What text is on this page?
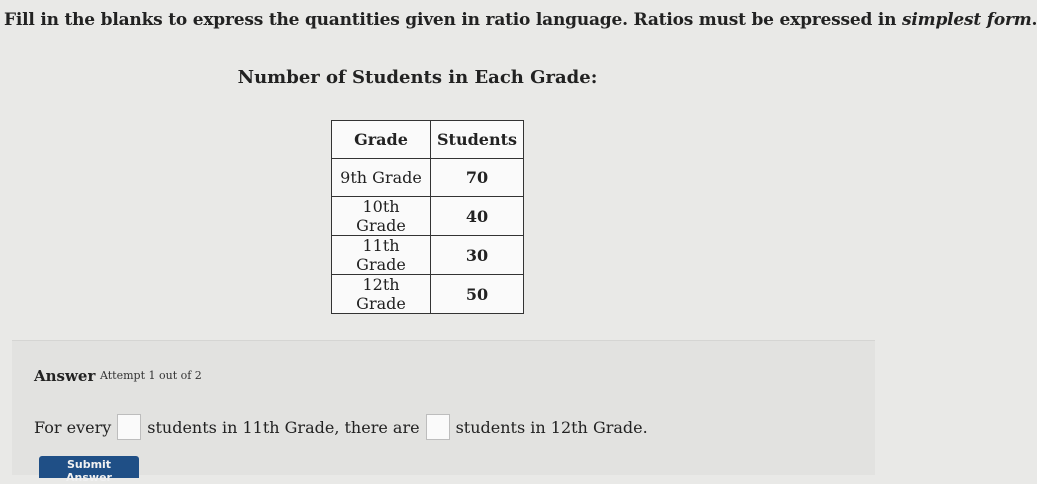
Fill in the blanks to express the quantities given in ratio language. Ratios must be expressed in simplest form.
Number of Students in Each Grade:
Grade	Students
9th Grade	70
10th Grade	40
11th Grade	30
12th Grade	50
Answer Attempt 1 out of 2
For every students in 11th Grade, there are students in 12th Grade.
Submit Answer
